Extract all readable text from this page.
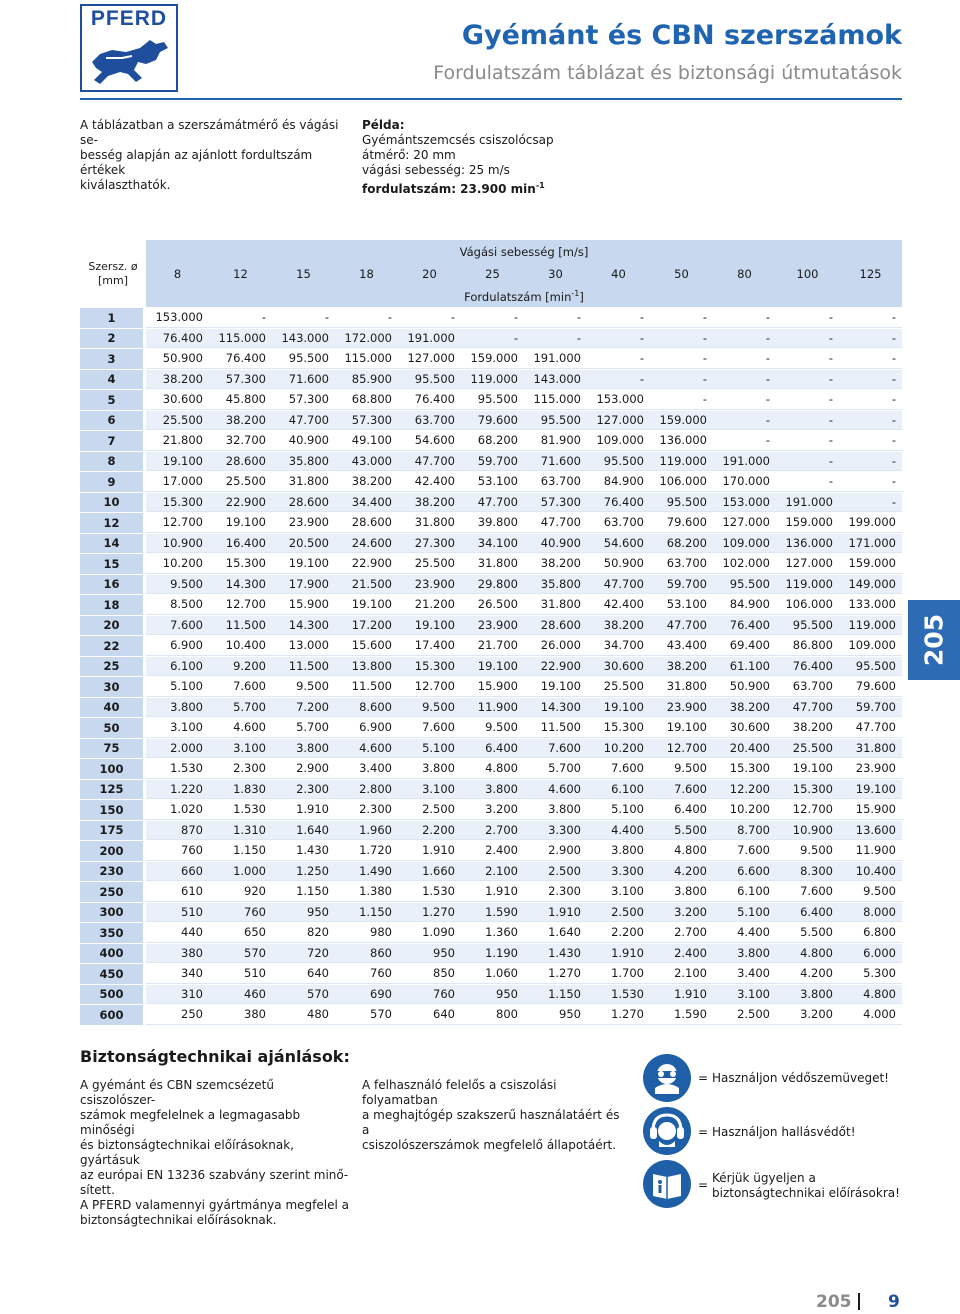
PFERD
Gyémánt és CBN szerszámok
Fordulatszám táblázat és biztonsági útmutatások
A táblázatban a szerszámátmérő és vágási se-
besség alapján az ajánlott fordultszám értékek
kiválaszthatók.
Példa:
Gyémántszemcsés csiszolócsap
átmérő: 20 mm
vágási sebesség: 25 m/s
fordulatszám: 23.900 $\min^{-1}$
Szersz. ø
[mm]	Vágási sebesség [m/s]											
	8	12	15	18	20	25	30	40	50	80	100	125
	Fordulatszám $[\min^{-1}]$											
1	153.000	-	-	-	-	-	-	-	-	-	-	-
2	76.400	115.000	143.000	172.000	191.000	-	-	-	-	-	-	-
3	50.900	76.400	95.500	115.000	127.000	159.000	191.000	-	-	-	-	-
4	38.200	57.300	71.600	85.900	95.500	119.000	143.000	-	-	-	-	-
5	30.600	45.800	57.300	68.800	76.400	95.500	115.000	153.000	-	-	-	-
6	25.500	38.200	47.700	57.300	63.700	79.600	95.500	127.000	159.000	-	-	-
7	21.800	32.700	40.900	49.100	54.600	68.200	81.900	109.000	136.000	-	-	-
8	19.100	28.600	35.800	43.000	47.700	59.700	71.600	95.500	119.000	191.000	-	-
9	17.000	25.500	31.800	38.200	42.400	53.100	63.700	84.900	106.000	170.000	-	-
10	15.300	22.900	28.600	34.400	38.200	47.700	57.300	76.400	95.500	153.000	191.000	-
12	12.700	19.100	23.900	28.600	31.800	39.800	47.700	63.700	79.600	127.000	159.000	199.000
14	10.900	16.400	20.500	24.600	27.300	34.100	40.900	54.600	68.200	109.000	136.000	171.000
15	10.200	15.300	19.100	22.900	25.500	31.800	38.200	50.900	63.700	102.000	127.000	159.000
16	9.500	14.300	17.900	21.500	23.900	29.800	35.800	47.700	59.700	95.500	119.000	149.000
18	8.500	12.700	15.900	19.100	21.200	26.500	31.800	42.400	53.100	84.900	106.000	133.000
20	7.600	11.500	14.300	17.200	19.100	23.900	28.600	38.200	47.700	76.400	95.500	119.000
22	6.900	10.400	13.000	15.600	17.400	21.700	26.000	34.700	43.400	69.400	86.800	109.000
25	6.100	9.200	11.500	13.800	15.300	19.100	22.900	30.600	38.200	61.100	76.400	95.500
30	5.100	7.600	9.500	11.500	12.700	15.900	19.100	25.500	31.800	50.900	63.700	79.600
40	3.800	5.700	7.200	8.600	9.500	11.900	14.300	19.100	23.900	38.200	47.700	59.700
50	3.100	4.600	5.700	6.900	7.600	9.500	11.500	15.300	19.100	30.600	38.200	47.700
75	2.000	3.100	3.800	4.600	5.100	6.400	7.600	10.200	12.700	20.400	25.500	31.800
100	1.530	2.300	2.900	3.400	3.800	4.800	5.700	7.600	9.500	15.300	19.100	23.900
125	1.220	1.830	2.300	2.800	3.100	3.800	4.600	6.100	7.600	12.200	15.300	19.100
150	1.020	1.530	1.910	2.300	2.500	3.200	3.800	5.100	6.400	10.200	12.700	15.900
175	870	1.310	1.640	1.960	2.200	2.700	3.300	4.400	5.500	8.700	10.900	13.600
200	760	1.150	1.430	1.720	1.910	2.400	2.900	3.800	4.800	7.600	9.500	11.900
230	660	1.000	1.250	1.490	1.660	2.100	2.500	3.300	4.200	6.600	8.300	10.400
250	610	920	1.150	1.380	1.530	1.910	2.300	3.100	3.800	6.100	7.600	9.500
300	510	760	950	1.150	1.270	1.590	1.910	2.500	3.200	5.100	6.400	8.000
350	440	650	820	980	1.090	1.360	1.640	2.200	2.700	4.400	5.500	6.800
400	380	570	720	860	950	1.190	1.430	1.910	2.400	3.800	4.800	6.000
450	340	510	640	760	850	1.060	1.270	1.700	2.100	3.400	4.200	5.300
500	310	460	570	690	760	950	1.150	1.530	1.910	3.100	3.800	4.800
600	250	380	480	570	640	800	950	1.270	1.590	2.500	3.200	4.000
205
Biztonságtechnikai ajánlások:
A gyémánt és CBN szemcsézetű csiszolószer-
számok megfelelnek a legmagasabb minőségi
és biztonságtechnikai előírásoknak, gyártásuk
az európai EN 13236 szabvány szerint minő-
sített.
A PFERD valamennyi gyártmánya megfelel a
biztonságtechnikai előírásoknak.
A felhasználó felelős a csiszolási folyamatban
a meghajtógép szakszerű használatáért és a
csiszolószerszámok megfelelő állapotáért.
= Használjon védőszemüveget!
= Használjon hallásvédőt!
= Kérjük ügyeljen a
biztonságtechnikai előírásokra!
205 9
